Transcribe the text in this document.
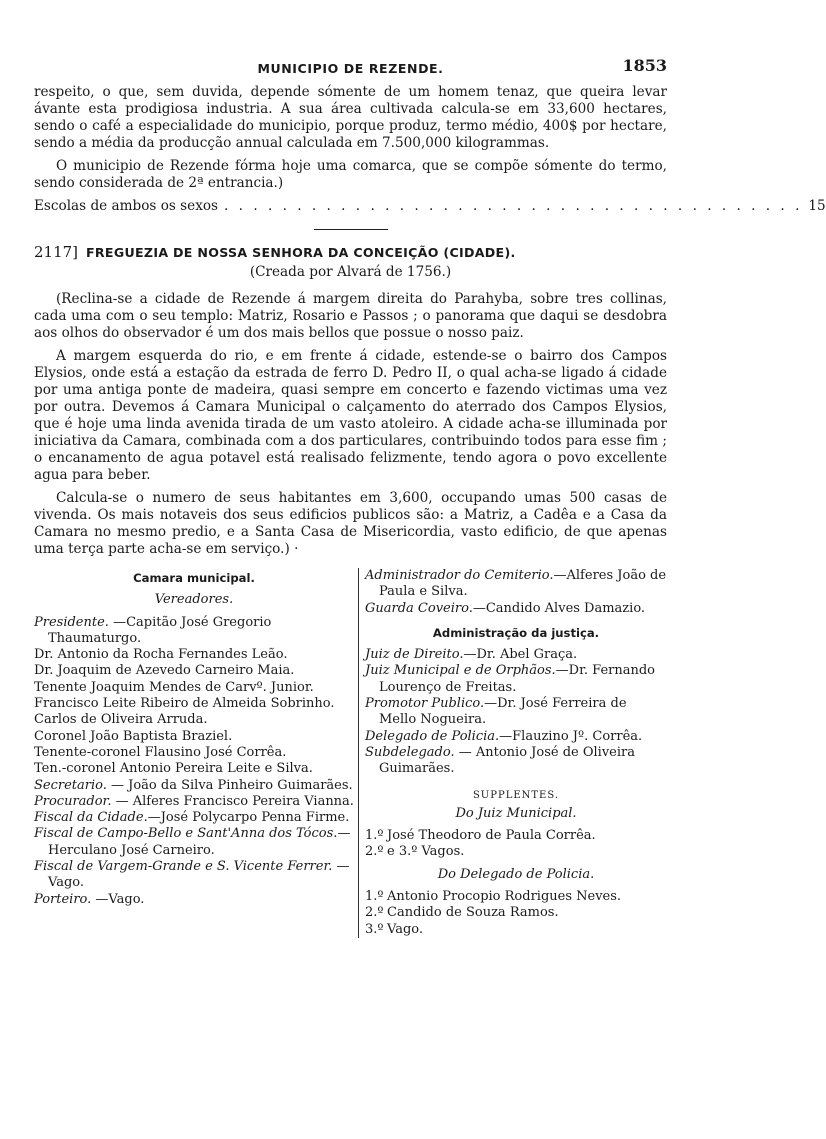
MUNICIPIO DE REZENDE.	1853

respeito, o que, sem duvida, depende sómente de um homem tenaz, que queira levar ávante esta prodigiosa industria. A sua área cultivada calcula-se em 33,600 hectares, sendo o café a especialidade do municipio, porque produz, termo médio, 400$ por hectare, sendo a média da producção annual calculada em 7.500,000 kilogrammas.

O municipio de Rezende fórma hoje uma comarca, que se compõe sómente do termo, sendo considerada de 2ª entrancia.)

Escolas de ambos os sexos . . . . . . . . . . . . . . . . . . . . . . . . . . . . . . . . . . . . . . . . 15
2117] FREGUEZIA DE NOSSA SENHORA DA CONCEIÇÃO (CIDADE).
(Creada por Alvará de 1756.)

(Reclina-se a cidade de Rezende á margem direita do Parahyba, sobre tres collinas, cada uma com o seu templo: Matriz, Rosario e Passos ; o panorama que daqui se desdobra aos olhos do observador é um dos mais bellos que possue o nosso paiz.

A margem esquerda do rio, e em frente á cidade, estende-se o bairro dos Campos Elysios, onde está a estação da estrada de ferro D. Pedro II, o qual acha-se ligado á cidade por uma antiga ponte de madeira, quasi sempre em concerto e fazendo victimas uma vez por outra. Devemos á Camara Municipal o calçamento do aterrado dos Campos Elysios, que é hoje uma linda avenida tirada de um vasto atoleiro. A cidade acha-se illuminada por iniciativa da Camara, combinada com a dos particulares, contribuindo todos para esse fim ; o encanamento de agua potavel está realisado felizmente, tendo agora o povo excellente agua para beber.

Calcula-se o numero de seus habitantes em 3,600, occupando umas 500 casas de vivenda. Os mais notaveis dos seus edificios publicos são: a Matriz, a Cadêa e a Casa da Camara no mesmo predio, e a Santa Casa de Misericordia, vasto edificio, de que apenas uma terça parte acha-se em serviço.) ·

Camara municipal.
Vereadores.
Presidente. —Capitão José Gregorio Thaumaturgo.
Dr. Antonio da Rocha Fernandes Leão.
Dr. Joaquim de Azevedo Carneiro Maia.
Tenente Joaquim Mendes de Carvº. Junior.
Francisco Leite Ribeiro de Almeida Sobrinho.
Carlos de Oliveira Arruda.
Coronel João Baptista Braziel.
Tenente-coronel Flausino José Corrêa.
Ten.-coronel Antonio Pereira Leite e Silva.
Secretario. — João da Silva Pinheiro Guimarães.
Procurador. — Alferes Francisco Pereira Vianna.
Fiscal da Cidade.—José Polycarpo Penna Firme.
Fiscal de Campo-Bello e Sant'Anna dos Tócos.—Herculano José Carneiro.
Fiscal de Vargem-Grande e S. Vicente Ferrer. —Vago.
Porteiro. —Vago.
Administrador do Cemiterio.—Alferes João de Paula e Silva.
Guarda Coveiro.—Candido Alves Damazio.
Administração da justiça.
Juiz de Direito.—Dr. Abel Graça.
Juiz Municipal e de Orphãos.—Dr. Fernando Lourenço de Freitas.
Promotor Publico.—Dr. José Ferreira de Mello Nogueira.
Delegado de Policia.—Flauzino Jº. Corrêa.
Subdelegado. — Antonio José de Oliveira Guimarães.
SUPPLENTES.
Do Juiz Municipal.
1.º José Theodoro de Paula Corrêa.
2.º e 3.º Vagos.
Do Delegado de Policia.
1.º Antonio Procopio Rodrigues Neves.
2.º Candido de Souza Ramos.
3.º Vago.
